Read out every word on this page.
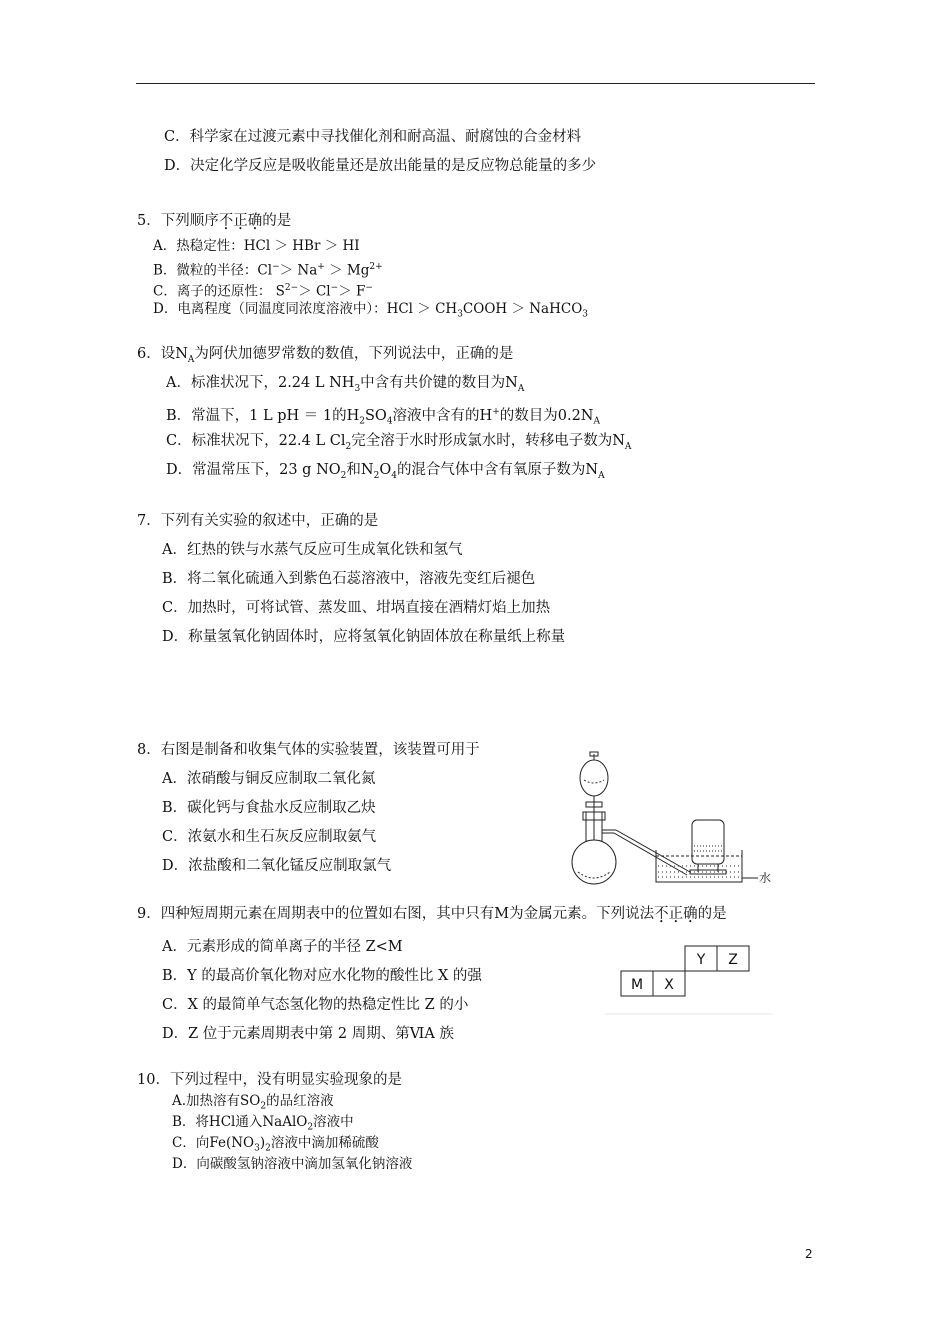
C．科学家在过渡元素中寻找催化剂和耐高温、耐腐蚀的合金材料
D．决定化学反应是吸收能量还是放出能量的是反应物总能量的多少
5．下列顺序不正确的是
A．热稳定性：HCl ＞ HBr ＞ HI
B．微粒的半径：$Cl^-> Na^+ > Mg^{2+}$
C．离子的还原性： $S^{2-}> Cl^-> F^-$
D．电离程度（同温度同浓度溶液中）：HCl ＞ $CH_3COOH$ ＞ NaHCO$_3$
6．设$N_A$为阿伏加德罗常数的数值，下列说法中，正确的是
A．标准状况下，2.24 L $NH_3$中含有共价键的数目为$N_A$
B．常温下，1 L pH ＝ 1的$H_2SO_4$溶液中含有的H+的数目为$0.2N_A$
C．标准状况下，22.4 L $Cl_2$完全溶于水时形成氯水时，转移电子数为$N_A$
D．常温常压下，23 g $NO_2$和$N_2O_4$的混合气体中含有氧原子数为$N_A$
7．下列有关实验的叙述中，正确的是
A．红热的铁与水蒸气反应可生成氧化铁和氢气
B．将二氧化硫通入到紫色石蕊溶液中，溶液先变红后褪色
C．加热时，可将试管、蒸发皿、坩埚直接在酒精灯焰上加热
D．称量氢氧化钠固体时，应将氢氧化钠固体放在称量纸上称量
8．右图是制备和收集气体的实验装置，该装置可用于
A．浓硝酸与铜反应制取二氧化氮
B．碳化钙与食盐水反应制取乙炔
C．浓氨水和生石灰反应制取氨气
D．浓盐酸和二氧化锰反应制取氯气
水
9．四种短周期元素在周期表中的位置如右图，其中只有M为金属元素。下列说法不正确的是
A．元素形成的简单离子的半径 Z<M
B．Y 的最高价氧化物对应水化物的酸性比 X 的强
C．X 的最简单气态氢化物的热稳定性比 Z 的小
D．Z 位于元素周期表中第 2 周期、第ⅥA 族
Y Z
M X
10．下列过程中，没有明显实验现象的是
A.加热溶有$SO_2$的品红溶液
B．将HCl通入NaAlO$_2$溶液中
C．向$Fe(NO_3)_2$溶液中滴加稀硫酸
D．向碳酸氢钠溶液中滴加氢氧化钠溶液
2
